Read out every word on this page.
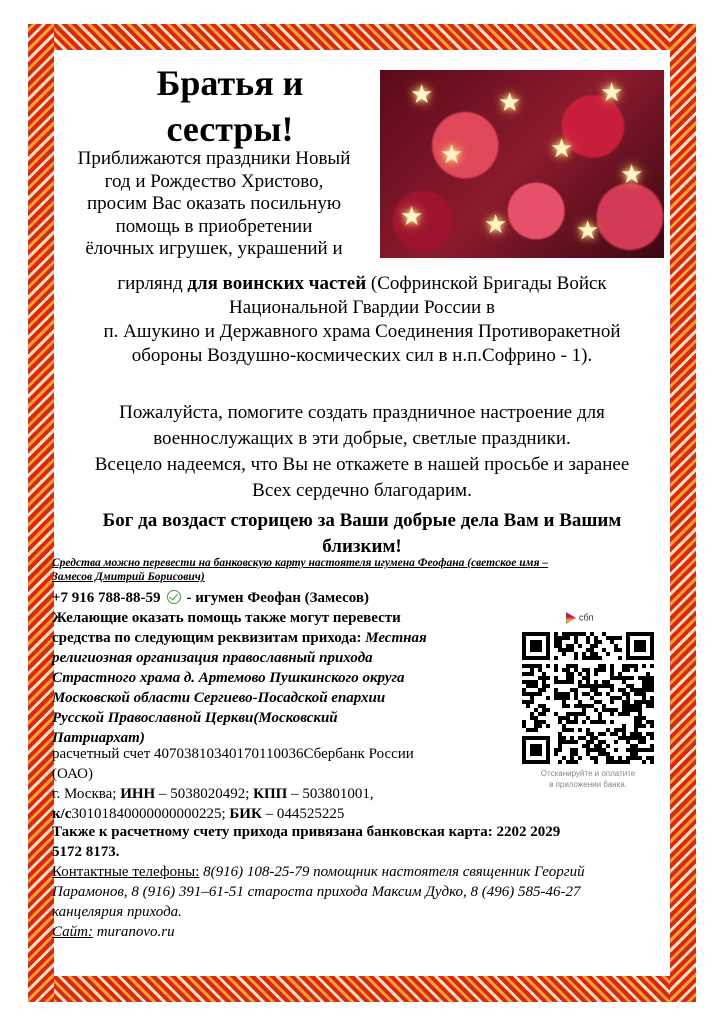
Братья и
сестры!
★ ★	★
★	★
★
★ ★	★
Приближаются праздники Новый
год и Рождество Христово,
просим Вас оказать посильную
помощь в приобретении
ёлочных игрушек, украшений и
гирлянд для воинских частей (Софринской Бригады Войск
Национальной Гвардии России в
п. Ашукино и Державного храма Соединения Противоракетной
обороны Воздушно-космических сил в н.п.Софрино - 1).
Пожалуйста, помогите создать праздничное настроение для
военнослужащих в эти добрые, светлые праздники.
Всецело надеемся, что Вы не откажете в нашей просьбе и заранее
Всех сердечно благодарим.
Бог да воздаст сторицею за Ваши добрые дела Вам и Вашим
близким!
Средства можно перевести на банковскую карту настоятеля игумена Феофана (светское имя –
Замесов Дмитрий Борисович)
+7 916 788-88-59 - игумен Феофан (Замесов)
Желающие оказать помощь также могут перевести
средства по следующим реквизитам прихода: Местная
религиозная организация православный прихода
Страстного храма д. Артемово Пушкинского округа
Московской области Сергиево-Посадской епархии
Русской Православной Церкви(Московский
Патриархат)
расчетный счет 40703810340170110036Сбербанк России
(ОАО)
г. Москва; ИНН – 5038020492; КПП – 503801001,
к/с30101840000000000225; БИК – 044525225
Также к расчетному счету прихода привязана банковская карта: 2202 2029
5172 8173.
Контактные телефоны: 8(916) 108-25-79 помощник настоятеля священник Георгий
Парамонов, 8 (916) 391–61-51 староста прихода Максим Дудко, 8 (496) 585-46-27
канцелярия прихода.
Сайт: muranovo.ru
сбп
Отсканируйте и оплатите
в приложении банка.
